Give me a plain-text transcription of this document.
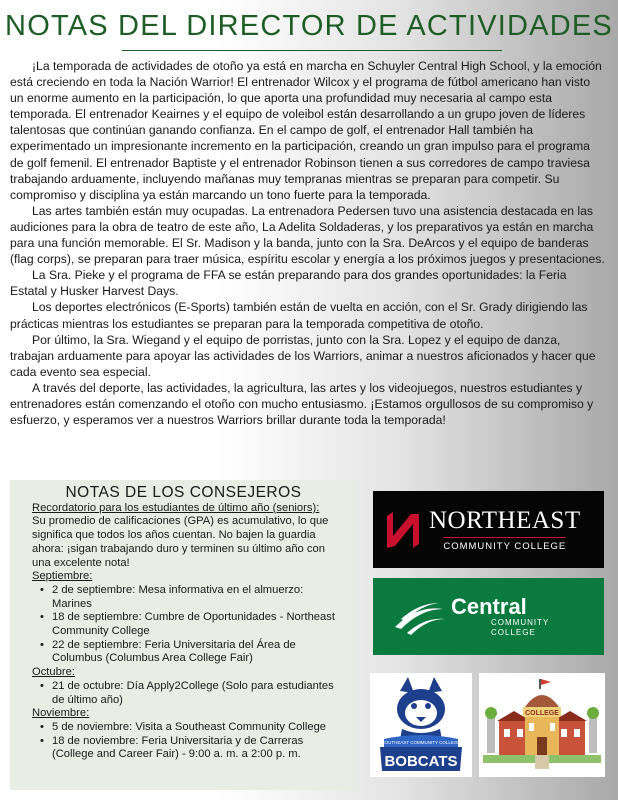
NOTAS DEL DIRECTOR DE ACTIVIDADES

¡La temporada de actividades de otoño ya está en marcha en Schuyler Central High School, y la emoción está creciendo en toda la Nación Warrior! El entrenador Wilcox y el programa de fútbol americano han visto un enorme aumento en la participación, lo que aporta una profundidad muy necesaria al campo esta temporada. El entrenador Keairnes y el equipo de voleibol están desarrollando a un grupo joven de líderes talentosas que continúan ganando confianza. En el campo de golf, el entrenador Hall también ha experimentado un impresionante incremento en la participación, creando un gran impulso para el programa de golf femenil. El entrenador Baptiste y el entrenador Robinson tienen a sus corredores de campo traviesa trabajando arduamente, incluyendo mañanas muy tempranas mientras se preparan para competir. Su compromiso y disciplina ya están marcando un tono fuerte para la temporada.

Las artes también están muy ocupadas. La entrenadora Pedersen tuvo una asistencia destacada en las audiciones para la obra de teatro de este año, La Adelita Soldaderas, y los preparativos ya están en marcha para una función memorable. El Sr. Madison y la banda, junto con la Sra. DeArcos y el equipo de banderas (flag corps), se preparan para traer música, espíritu escolar y energía a los próximos juegos y presentaciones.

La Sra. Pieke y el programa de FFA se están preparando para dos grandes oportunidades: la Feria Estatal y Husker Harvest Days.

Los deportes electrónicos (E-Sports) también están de vuelta en acción, con el Sr. Grady dirigiendo las prácticas mientras los estudiantes se preparan para la temporada competitiva de otoño.

Por último, la Sra. Wiegand y el equipo de porristas, junto con la Sra. Lopez y el equipo de danza, trabajan arduamente para apoyar las actividades de los Warriors, animar a nuestros aficionados y hacer que cada evento sea especial.

A través del deporte, las actividades, la agricultura, las artes y los videojuegos, nuestros estudiantes y entrenadores están comenzando el otoño con mucho entusiasmo. ¡Estamos orgullosos de su compromiso y esfuerzo, y esperamos ver a nuestros Warriors brillar durante toda la temporada!

NOTAS DE LOS CONSEJEROS
Recordatorio para los estudiantes de último año (seniors): Su promedio de calificaciones (GPA) es acumulativo, lo que significa que todos los años cuentan. No bajen la guardia ahora: ¡sigan trabajando duro y terminen su último año con una excelente nota!
Septiembre:
• 2 de septiembre: Mesa informativa en el almuerzo: Marines
• 18 de septiembre: Cumbre de Oportunidades - Northeast Community College
• 22 de septiembre: Feria Universitaria del Área de Columbus (Columbus Area College Fair)
Octubre:
• 21 de octubre: Día Apply2College (Solo para estudiantes de último año)
Noviembre:
• 5 de noviembre: Visita a Southeast Community College
• 18 de noviembre: Feria Universitaria y de Carreras (College and Career Fair) - 9:00 a. m. a 2:00 p. m.
NORTHEAST
COMMUNITY COLLEGE
Central
COMMUNITY
COLLEGE
BOBCATS
SOUTHEAST COMMUNITY COLLEGE
COLLEGE
